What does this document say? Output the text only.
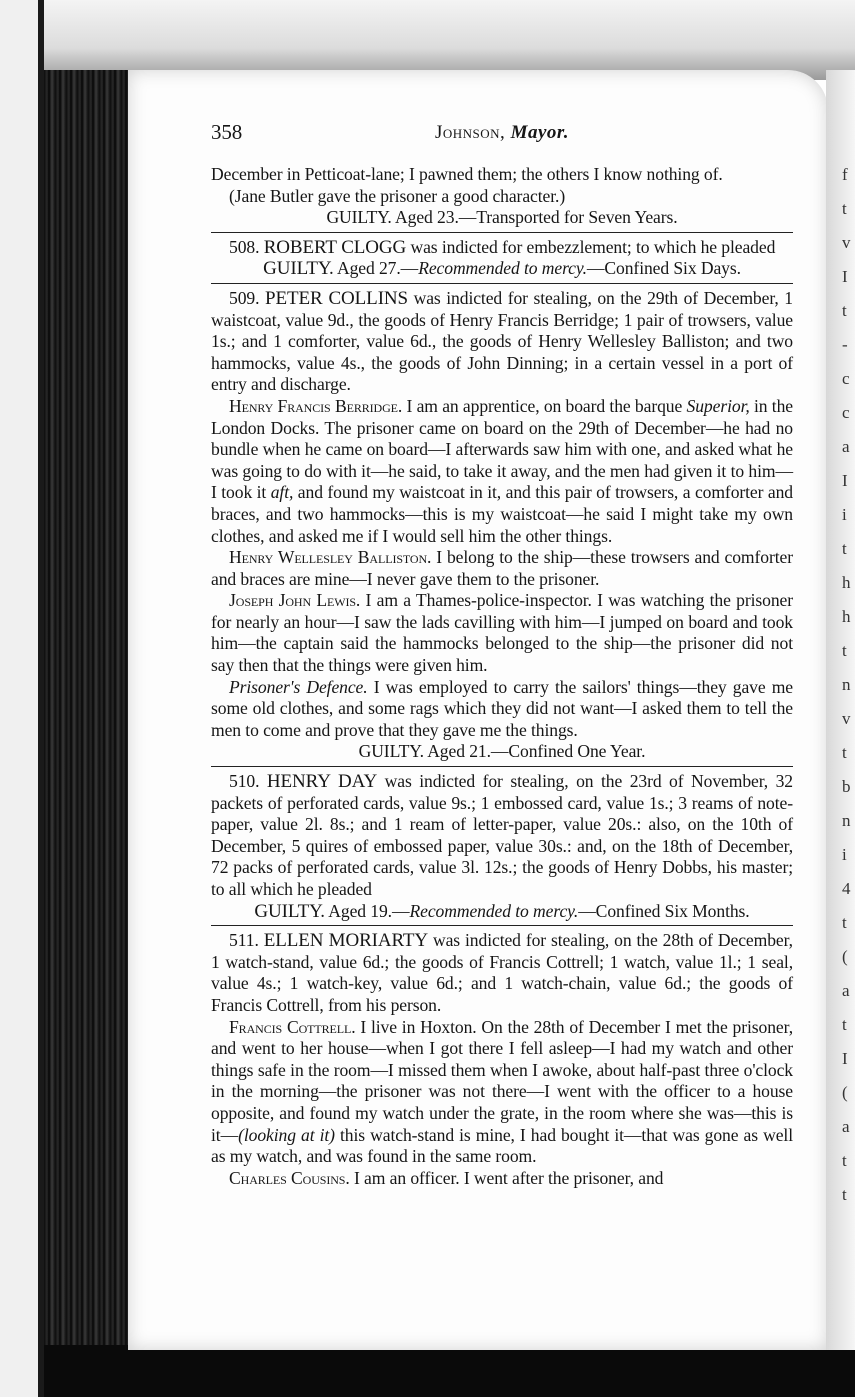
f
t
v
I
t
-
c
c
a
I
i
t
h
h
t
n
v
t
b
n
i
4
t
(
a
t
I
(
a
t
t
358	Johnson, Mayor.

December in Petticoat-lane; I pawned them; the others I know nothing of.

(Jane Butler gave the prisoner a good character.)

GUILTY. Aged 23.—Transported for Seven Years.

508. ROBERT CLOGG was indicted for embezzlement; to which he pleaded

GUILTY. Aged 27.—Recommended to mercy.—Confined Six Days.

509. PETER COLLINS was indicted for stealing, on the 29th of December, 1 waistcoat, value 9d., the goods of Henry Francis Berridge; 1 pair of trowsers, value 1s.; and 1 comforter, value 6d., the goods of Henry Wellesley Balliston; and two hammocks, value 4s., the goods of John Dinning; in a certain vessel in a port of entry and discharge.

Henry Francis Berridge. I am an apprentice, on board the barque Superior, in the London Docks. The prisoner came on board on the 29th of December—he had no bundle when he came on board—I afterwards saw him with one, and asked what he was going to do with it—he said, to take it away, and the men had given it to him—I took it aft, and found my waistcoat in it, and this pair of trowsers, a comforter and braces, and two hammocks—this is my waistcoat—he said I might take my own clothes, and asked me if I would sell him the other things.

Henry Wellesley Balliston. I belong to the ship—these trowsers and comforter and braces are mine—I never gave them to the prisoner.

Joseph John Lewis. I am a Thames-police-inspector. I was watching the prisoner for nearly an hour—I saw the lads cavilling with him—I jumped on board and took him—the captain said the hammocks belonged to the ship—the prisoner did not say then that the things were given him.

Prisoner's Defence. I was employed to carry the sailors' things—they gave me some old clothes, and some rags which they did not want—I asked them to tell the men to come and prove that they gave me the things.

GUILTY. Aged 21.—Confined One Year.

510. HENRY DAY was indicted for stealing, on the 23rd of November, 32 packets of perforated cards, value 9s.; 1 embossed card, value 1s.; 3 reams of note-paper, value 2l. 8s.; and 1 ream of letter-paper, value 20s.: also, on the 10th of December, 5 quires of embossed paper, value 30s.: and, on the 18th of December, 72 packs of perforated cards, value 3l. 12s.; the goods of Henry Dobbs, his master; to all which he pleaded

GUILTY. Aged 19.—Recommended to mercy.—Confined Six Months.

511. ELLEN MORIARTY was indicted for stealing, on the 28th of December, 1 watch-stand, value 6d.; the goods of Francis Cottrell; 1 watch, value 1l.; 1 seal, value 4s.; 1 watch-key, value 6d.; and 1 watch-chain, value 6d.; the goods of Francis Cottrell, from his person.

Francis Cottrell. I live in Hoxton. On the 28th of December I met the prisoner, and went to her house—when I got there I fell asleep—I had my watch and other things safe in the room—I missed them when I awoke, about half-past three o'clock in the morning—the prisoner was not there—I went with the officer to a house opposite, and found my watch under the grate, in the room where she was—this is it—(looking at it) this watch-stand is mine, I had bought it—that was gone as well as my watch, and was found in the same room.

Charles Cousins. I am an officer. I went after the prisoner, and
